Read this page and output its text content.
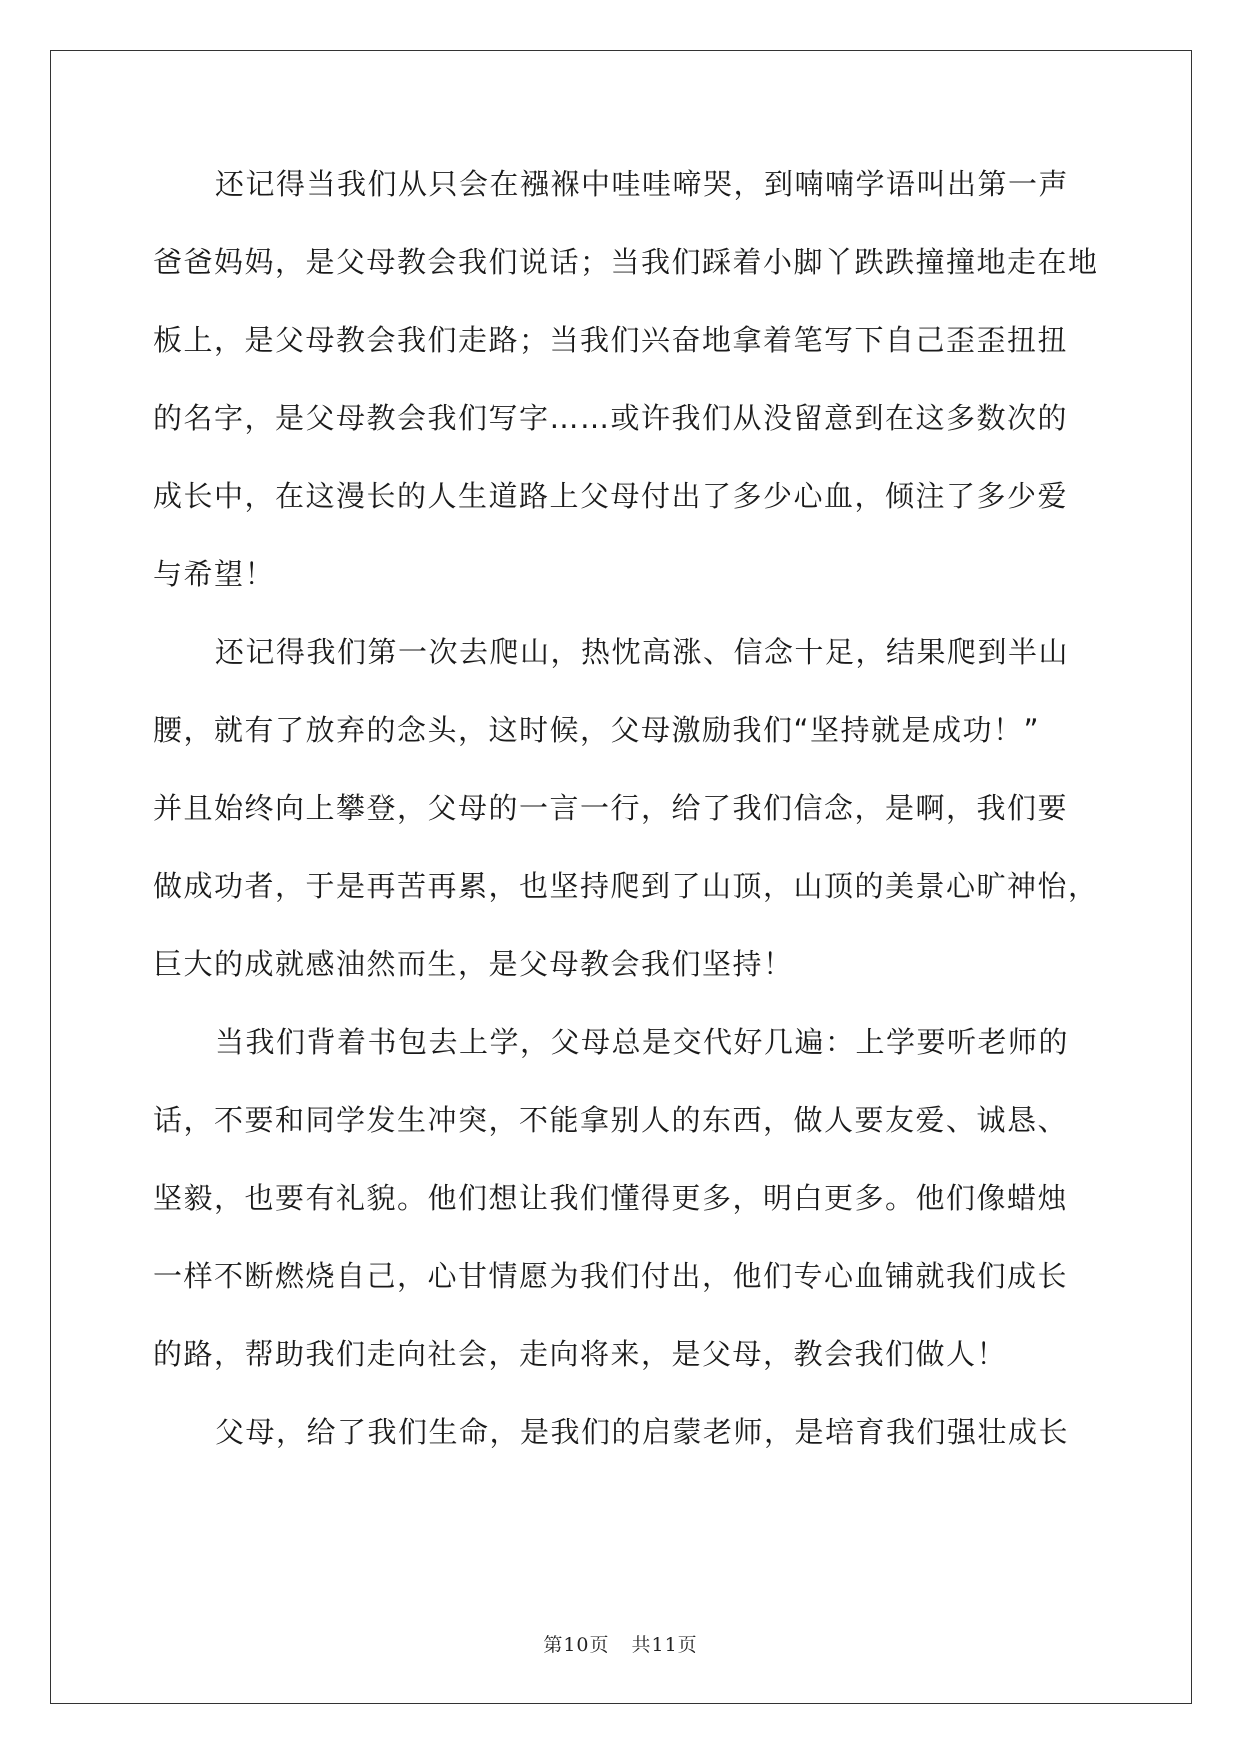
还记得当我们从只会在襁褓中哇哇啼哭，到喃喃学语叫出第一声
爸爸妈妈，是父母教会我们说话；当我们踩着小脚丫跌跌撞撞地走在地
板上，是父母教会我们走路；当我们兴奋地拿着笔写下自己歪歪扭扭
的名字，是父母教会我们写字……或许我们从没留意到在这多数次的
成长中，在这漫长的人生道路上父母付出了多少心血，倾注了多少爱
与希望！
还记得我们第一次去爬山，热忱高涨、信念十足，结果爬到半山
腰，就有了放弃的念头，这时候，父母激励我们“坚持就是成功！”
并且始终向上攀登，父母的一言一行，给了我们信念，是啊，我们要
做成功者，于是再苦再累，也坚持爬到了山顶，山顶的美景心旷神怡，
巨大的成就感油然而生，是父母教会我们坚持！
当我们背着书包去上学，父母总是交代好几遍：上学要听老师的
话，不要和同学发生冲突，不能拿别人的东西，做人要友爱、诚恳、
坚毅，也要有礼貌。他们想让我们懂得更多，明白更多。他们像蜡烛
一样不断燃烧自己，心甘情愿为我们付出，他们专心血铺就我们成长
的路，帮助我们走向社会，走向将来，是父母，教会我们做人！
父母，给了我们生命，是我们的启蒙老师，是培育我们强壮成长
第10页 共11页
